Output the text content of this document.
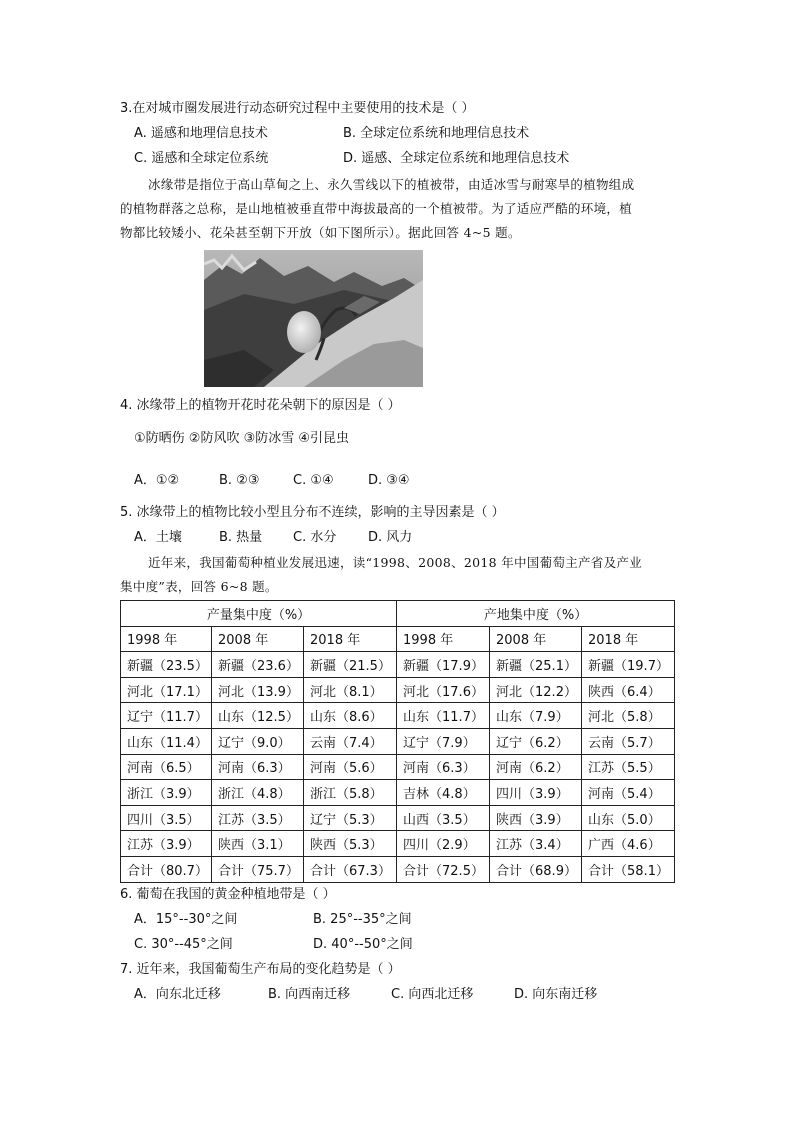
3.在对城市圈发展进行动态研究过程中主要使用的技术是（ ）
A. 遥感和地理信息技术	B. 全球定位系统和地理信息技术
C. 遥感和全球定位系统	D. 遥感、全球定位系统和地理信息技术
冰缘带是指位于高山草甸之上、永久雪线以下的植被带，由适冰雪与耐寒旱的植物组成
的植物群落之总称，是山地植被垂直带中海拔最高的一个植被带。为了适应严酷的环境，植
物都比较矮小、花朵甚至朝下开放（如下图所示）。据此回答 4~5 题。
4. 冰缘带上的植物开花时花朵朝下的原因是（ ）
①防晒伤 ②防风吹 ③防冰雪 ④引昆虫
A．①②	B. ②③	C. ①④	D. ③④
5. 冰缘带上的植物比较小型且分布不连续，影响的主导因素是（ ）
A．土壤	B. 热量 C. 水分 D. 风力
近年来，我国葡萄种植业发展迅速，读“1998、2008、2018 年中国葡萄主产省及产业
集中度”表，回答 6~8 题。
产量集中度（%）			产地集中度（%）		
1998 年	2008 年	2018 年	1998 年	2008 年	2018 年
新疆（23.5）	新疆（23.6）	新疆（21.5）	新疆（17.9）	新疆（25.1）	新疆（19.7）
河北（17.1）	河北（13.9）	河北（8.1）	河北（17.6）	河北（12.2）	陕西（6.4）
辽宁（11.7）	山东（12.5）	山东（8.6）	山东（11.7）	山东（7.9）	河北（5.8）
山东（11.4）	辽宁（9.0）	云南（7.4）	辽宁（7.9）	辽宁（6.2）	云南（5.7）
河南（6.5）	河南（6.3）	河南（5.6）	河南（6.3）	河南（6.2）	江苏（5.5）
浙江（3.9）	浙江（4.8）	浙江（5.8）	吉林（4.8）	四川（3.9）	河南（5.4）
四川（3.5）	江苏（3.5）	辽宁（5.3）	山西（3.5）	陕西（3.9）	山东（5.0）
江苏（3.9）	陕西（3.1）	陕西（5.3）	四川（2.9）	江苏（3.4）	广西（4.6）
合计（80.7）	合计（75.7）	合计（67.3）	合计（72.5）	合计（68.9）	合计（58.1）
6. 葡萄在我国的黄金种植地带是（ ）
A．15°--30°之间	B. 25°--35°之间
C. 30°--45°之间	D. 40°--50°之间
7. 近年来，我国葡萄生产布局的变化趋势是（ ）
A．向东北迁移	B. 向西南迁移	C. 向西北迁移	D. 向东南迁移
